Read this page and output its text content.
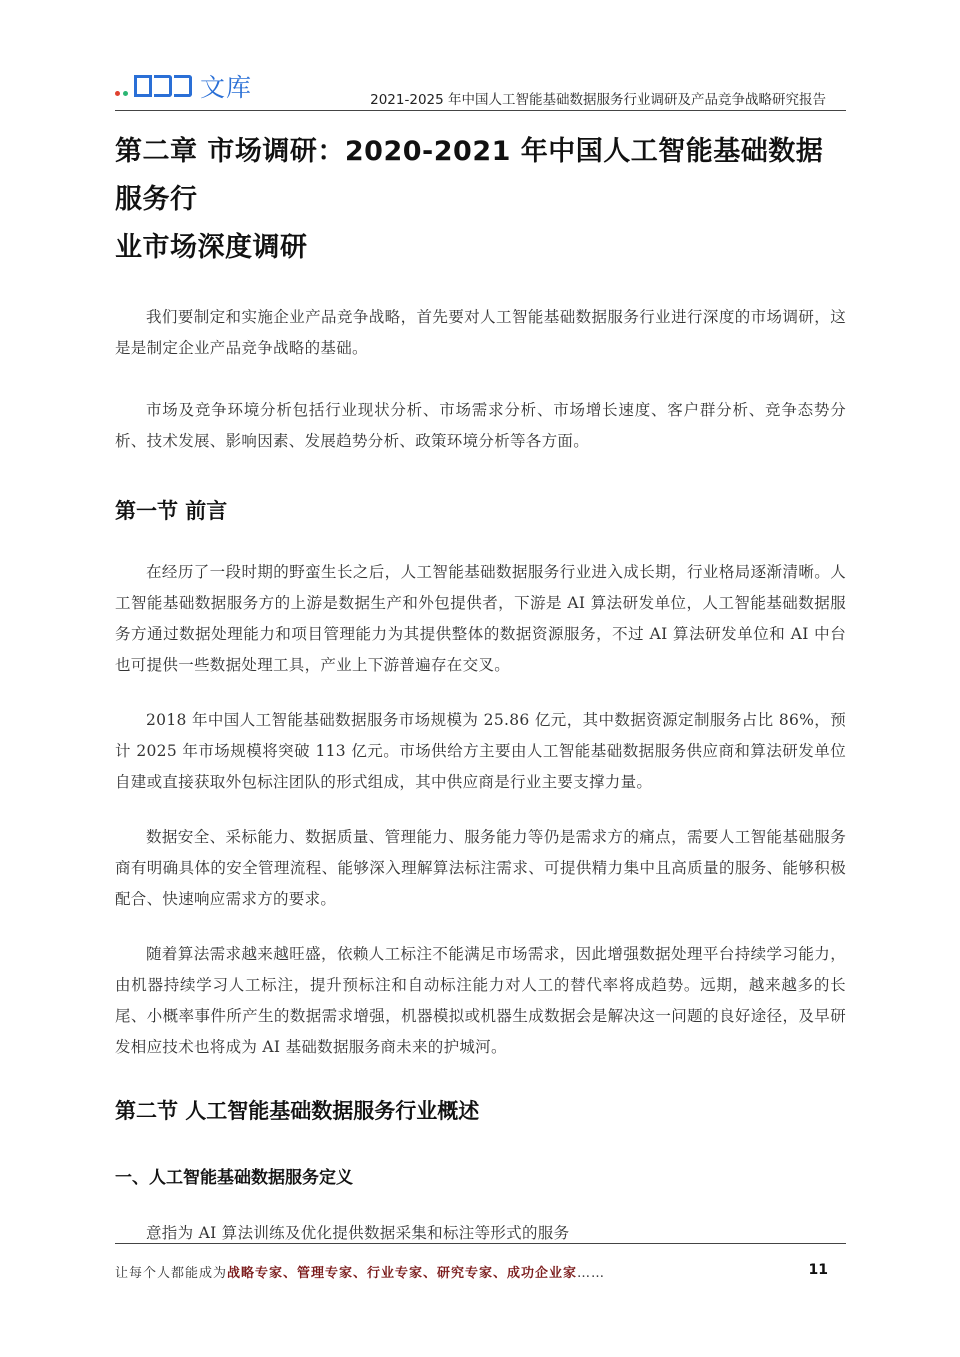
文库	2021-2025 年中国人工智能基础数据服务行业调研及产品竞争战略研究报告
第二章 市场调研：2020-2021 年中国人工智能基础数据服务行
业市场深度调研

我们要制定和实施企业产品竞争战略，首先要对人工智能基础数据服务行业进行深度的市场调研，这是是制定企业产品竞争战略的基础。

市场及竞争环境分析包括行业现状分析、市场需求分析、市场增长速度、客户群分析、竞争态势分析、技术发展、影响因素、发展趋势分析、政策环境分析等各方面。

第一节 前言

在经历了一段时期的野蛮生长之后，人工智能基础数据服务行业进入成长期，行业格局逐渐清晰。人工智能基础数据服务方的上游是数据生产和外包提供者，下游是 AI 算法研发单位，人工智能基础数据服务方通过数据处理能力和项目管理能力为其提供整体的数据资源服务，不过 AI 算法研发单位和 AI 中台也可提供一些数据处理工具，产业上下游普遍存在交叉。

2018 年中国人工智能基础数据服务市场规模为 25.86 亿元，其中数据资源定制服务占比 86%，预计 2025 年市场规模将突破 113 亿元。市场供给方主要由人工智能基础数据服务供应商和算法研发单位自建或直接获取外包标注团队的形式组成，其中供应商是行业主要支撑力量。

数据安全、采标能力、数据质量、管理能力、服务能力等仍是需求方的痛点，需要人工智能基础服务商有明确具体的安全管理流程、能够深入理解算法标注需求、可提供精力集中且高质量的服务、能够积极配合、快速响应需求方的要求。

随着算法需求越来越旺盛，依赖人工标注不能满足市场需求，因此增强数据处理平台持续学习能力，由机器持续学习人工标注，提升预标注和自动标注能力对人工的替代率将成趋势。远期，越来越多的长尾、小概率事件所产生的数据需求增强，机器模拟或机器生成数据会是解决这一问题的良好途径，及早研发相应技术也将成为 AI 基础数据服务商未来的护城河。

第二节 人工智能基础数据服务行业概述
一、人工智能基础数据服务定义

意指为 AI 算法训练及优化提供数据采集和标注等形式的服务

让每个人都能成为战略专家、管理专家、行业专家、研究专家、成功企业家……	11
